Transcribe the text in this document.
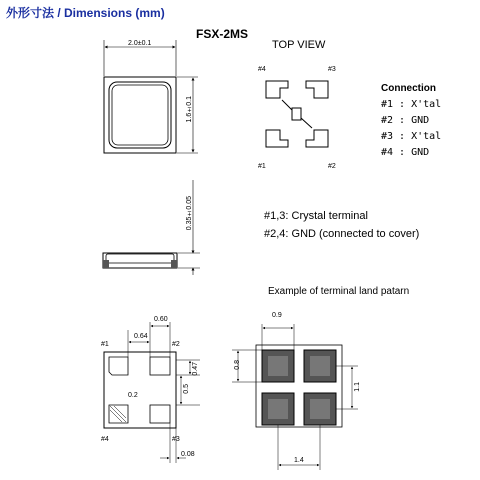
外形寸法 / Dimensions (mm)
FSX-2MS
TOP VIEW
2.0±0.1
1.6±0.1
0.35±0.05
#4	#3
#1	#2
Connection
#1 : X'tal
#2 : GND
#3 : X'tal
#4 : GND
#1,3: Crystal terminal
#2,4: GND (connected to cover)
#1	#2
#3
#4
0.60
0.64
0.2
0.47
0.5
0.08
Example of terminal land patarn
0.9
0.8
1.4
1.1
